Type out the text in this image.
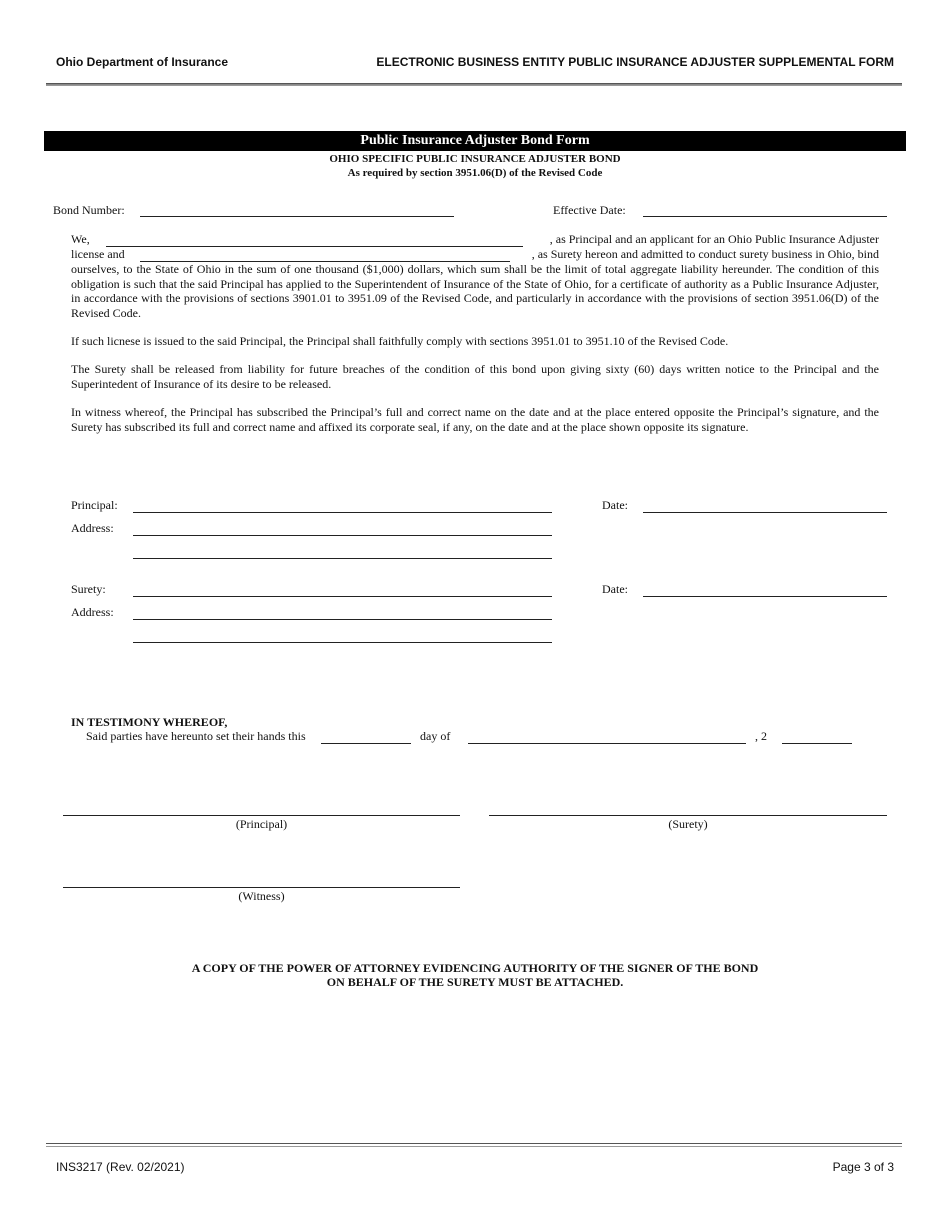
Ohio Department of Insurance	ELECTRONIC BUSINESS ENTITY PUBLIC INSURANCE ADJUSTER SUPPLEMENTAL FORM
Public Insurance Adjuster Bond Form
OHIO SPECIFIC PUBLIC INSURANCE ADJUSTER BOND
As required by section 3951.06(D) of the Revised Code
Bond Number:	Effective Date:
We,	, as Principal and an applicant for an Ohio Public Insurance Adjuster
license and	, as Surety hereon and admitted to conduct surety business in Ohio, bind
ourselves, to the State of Ohio in the sum of one thousand ($1,000) dollars, which sum shall be the limit of total aggregate liability hereunder. The condition of this obligation is such that the said Principal has applied to the Superintendent of Insurance of the State of Ohio, for a certificate of authority as a Public Insurance Adjuster, in accordance with the provisions of sections 3901.01 to 3951.09 of the Revised Code, and particularly in accordance with the provisions of section 3951.06(D) of the Revised Code.
If such licnese is issued to the said Principal, the Principal shall faithfully comply with sections 3951.01 to 3951.10 of the Revised Code.
The Surety shall be released from liability for future breaches of the condition of this bond upon giving sixty (60) days written notice to the Principal and the Superintedent of Insurance of its desire to be released.
In witness whereof, the Principal has subscribed the Principal’s full and correct name on the date and at the place entered opposite the Principal’s signature, and the Surety has subscribed its full and correct name and affixed its corporate seal, if any, on the date and at the place shown opposite its signature.
Principal:	Date:
Address:
Surety:	Date:
Address:
IN TESTIMONY WHEREOF,
Said parties have hereunto set their hands this	day of	, 2
(Principal)	(Surety)
(Witness)
A COPY OF THE POWER OF ATTORNEY EVIDENCING AUTHORITY OF THE SIGNER OF THE BOND
ON BEHALF OF THE SURETY MUST BE ATTACHED.
INS3217 (Rev. 02/2021)	Page 3 of 3
